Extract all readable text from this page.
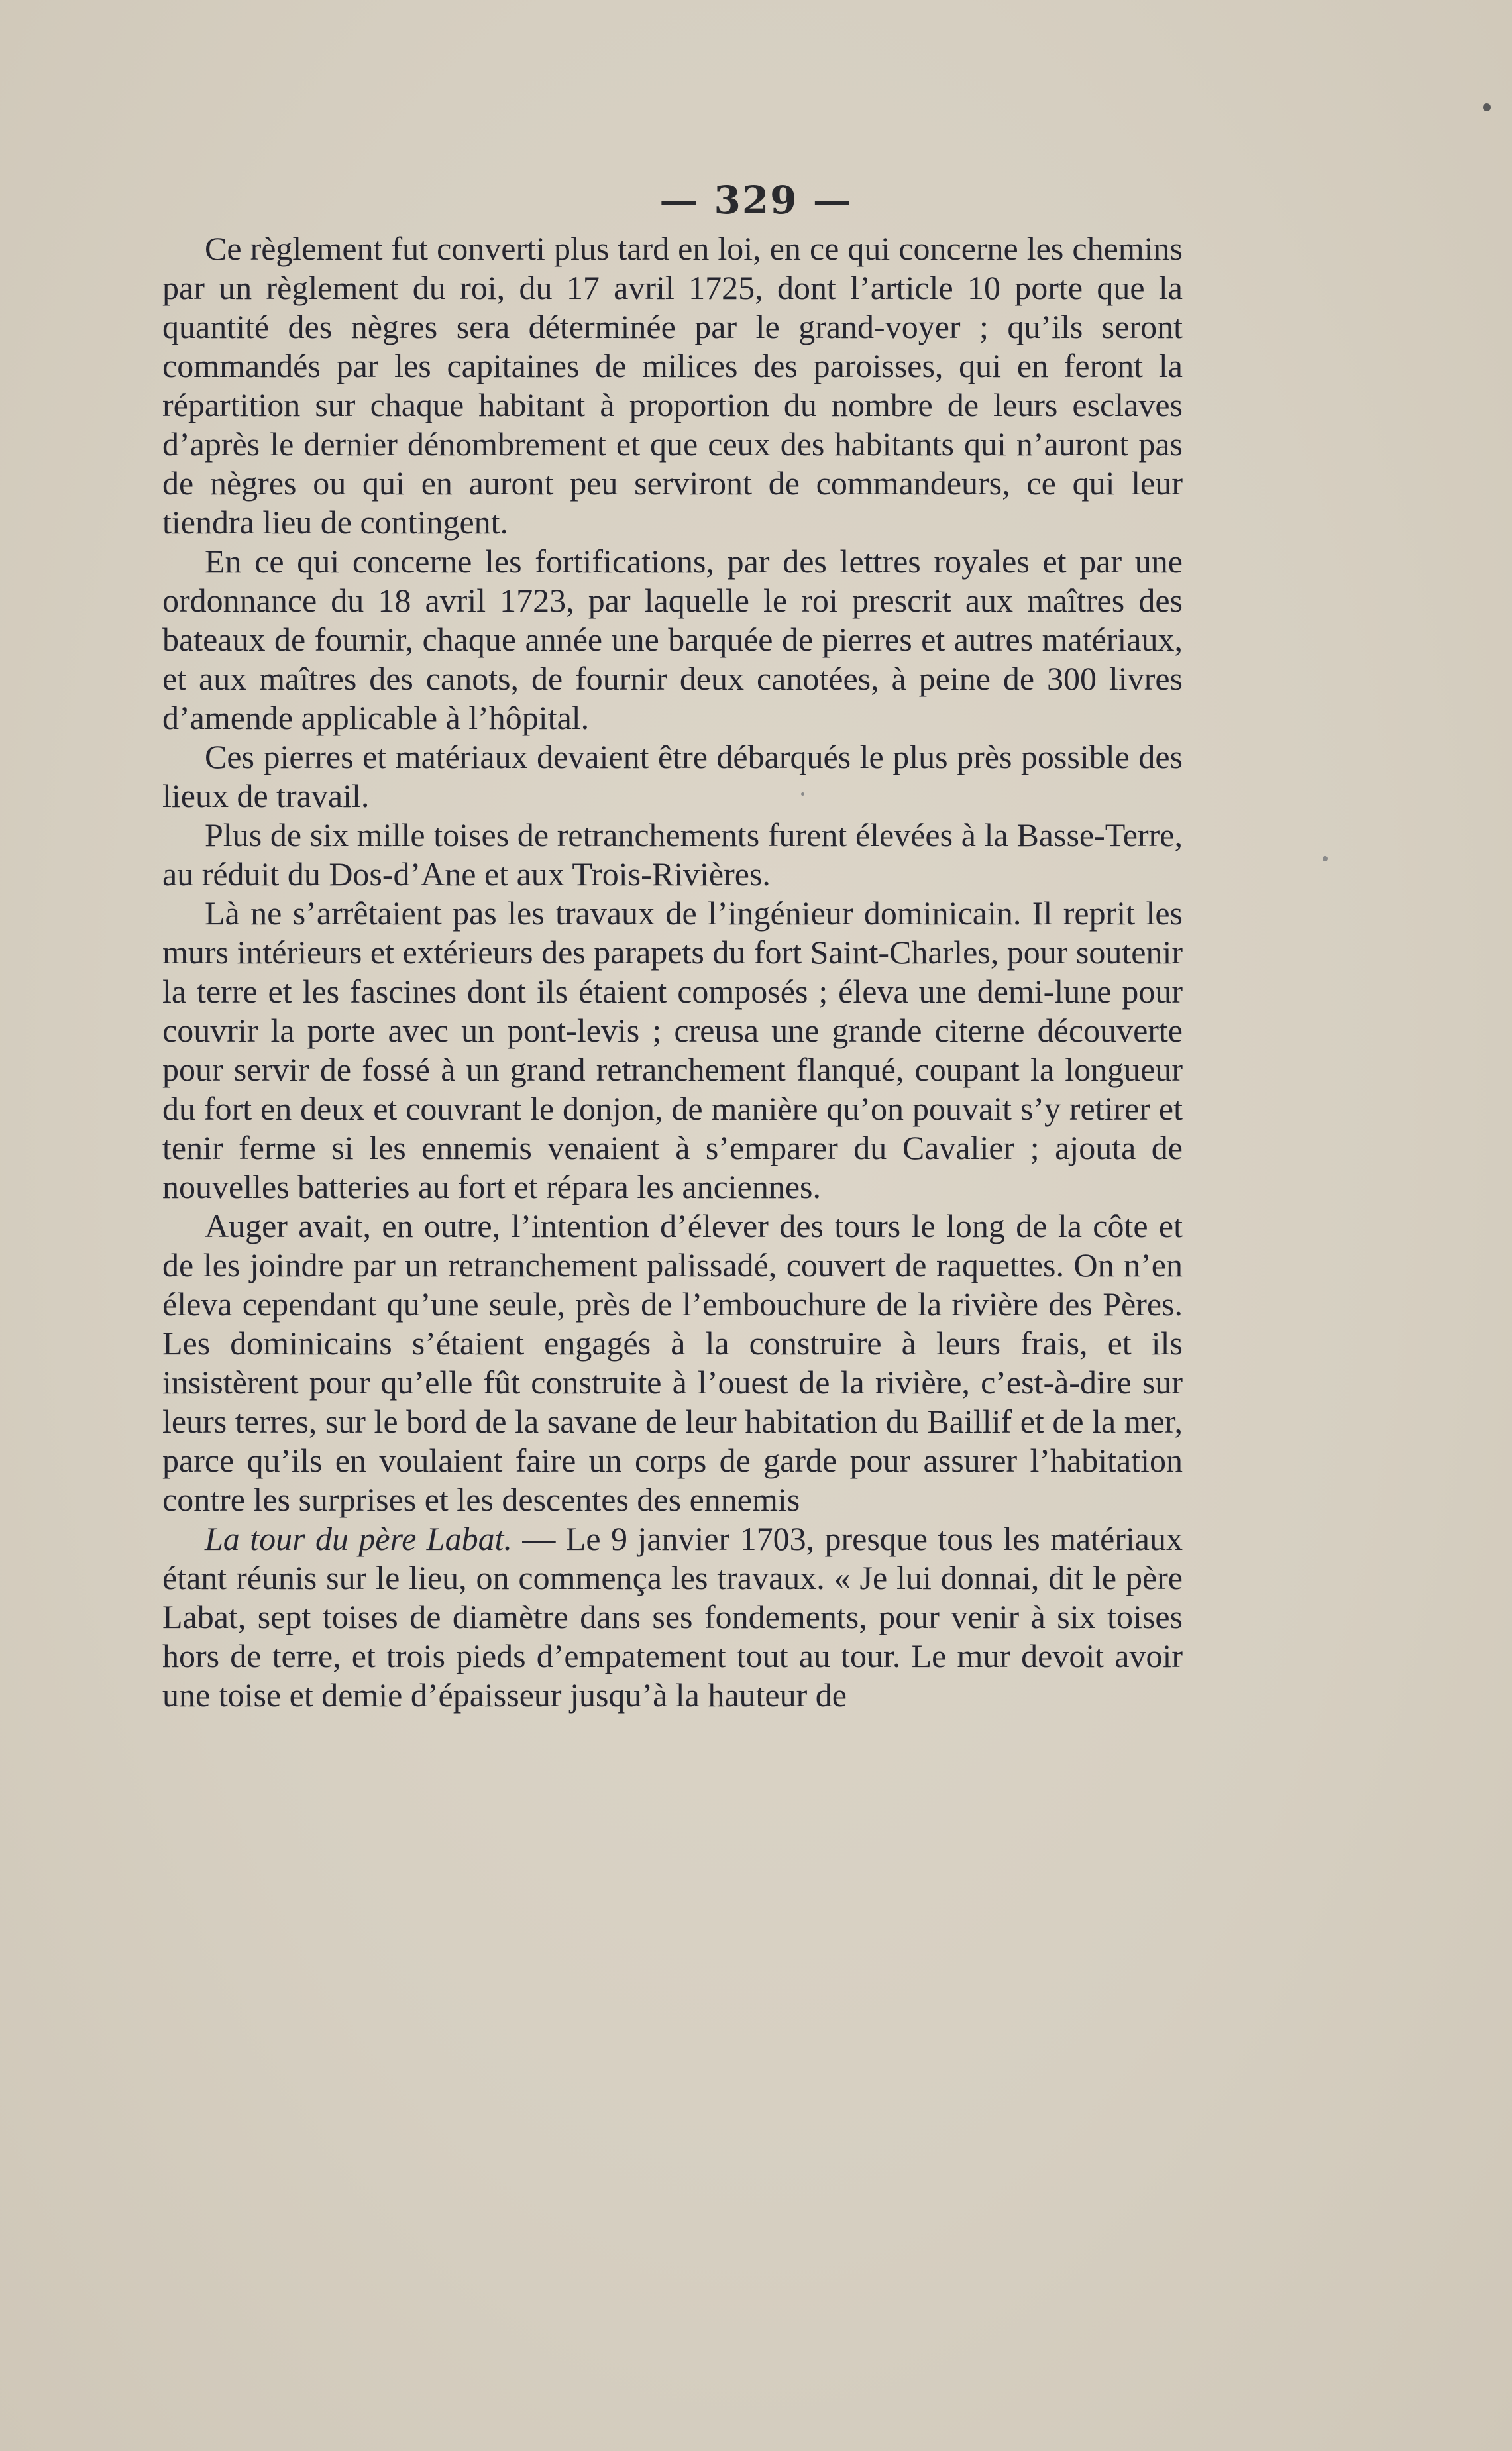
— 329 —

Ce règlement fut converti plus tard en loi, en ce qui concerne les chemins par un règlement du roi, du 17 avril 1725, dont l’article 10 porte que la quantité des nègres sera déterminée par le grand-voyer ; qu’ils seront commandés par les capitaines de milices des paroisses, qui en feront la répartition sur chaque habitant à proportion du nombre de leurs esclaves d’après le dernier dénombrement et que ceux des habitants qui n’auront pas de nègres ou qui en auront peu serviront de commandeurs, ce qui leur tiendra lieu de contingent.

En ce qui concerne les fortifications, par des lettres royales et par une ordonnance du 18 avril 1723, par laquelle le roi prescrit aux maîtres des bateaux de fournir, chaque année une barquée de pierres et autres matériaux, et aux maîtres des canots, de fournir deux canotées, à peine de 300 livres d’amende applicable à l’hôpital.

Ces pierres et matériaux devaient être débarqués le plus près possible des lieux de travail.

Plus de six mille toises de retranchements furent élevées à la Basse-Terre, au réduit du Dos-d’Ane et aux Trois-Rivières.

Là ne s’arrêtaient pas les travaux de l’ingénieur dominicain. Il reprit les murs intérieurs et extérieurs des parapets du fort Saint-Charles, pour soutenir la terre et les fascines dont ils étaient composés ; éleva une demi-lune pour couvrir la porte avec un pont-levis ; creusa une grande citerne découverte pour servir de fossé à un grand retranchement flanqué, coupant la longueur du fort en deux et couvrant le donjon, de manière qu’on pouvait s’y retirer et tenir ferme si les ennemis venaient à s’emparer du Cavalier ; ajouta de nouvelles batteries au fort et répara les anciennes.

Auger avait, en outre, l’intention d’élever des tours le long de la côte et de les joindre par un retranchement palissadé, couvert de raquettes. On n’en éleva cependant qu’une seule, près de l’embouchure de la rivière des Pères. Les dominicains s’étaient engagés à la construire à leurs frais, et ils insistèrent pour qu’elle fût construite à l’ouest de la rivière, c’est-à-dire sur leurs terres, sur le bord de la savane de leur habitation du Baillif et de la mer, parce qu’ils en voulaient faire un corps de garde pour assurer l’habitation contre les surprises et les descentes des ennemis

La tour du père Labat. — Le 9 janvier 1703, presque tous les matériaux étant réunis sur le lieu, on commença les travaux. « Je lui donnai, dit le père Labat, sept toises de diamètre dans ses fondements, pour venir à six toises hors de terre, et trois pieds d’empatement tout au tour. Le mur devoit avoir une toise et demie d’épaisseur jusqu’à la hauteur de
